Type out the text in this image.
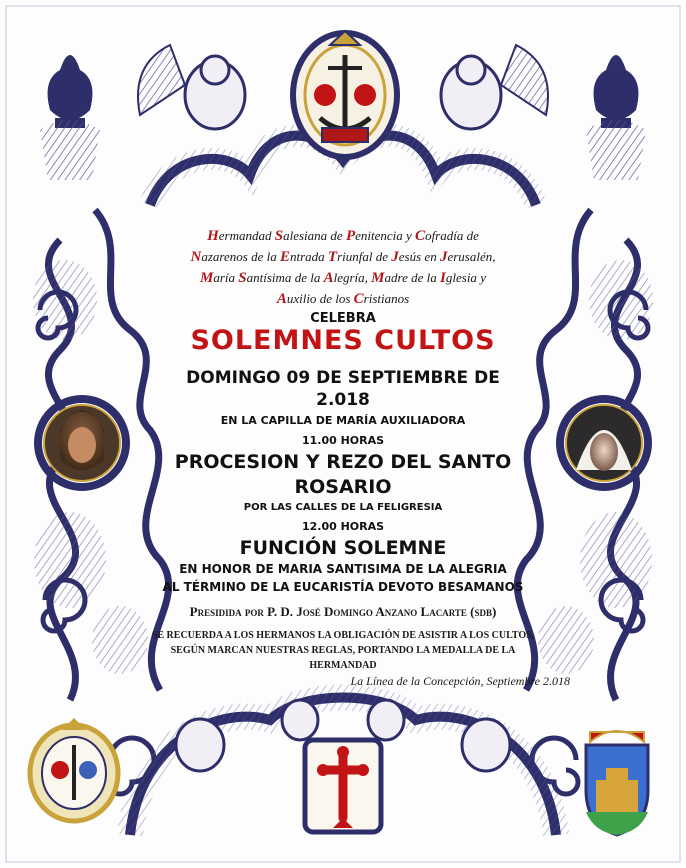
Hermandad Salesiana de Penitencia y Cofradía de

Nazarenos de la Entrada Triunfal de Jesús en Jerusalén,

María Santísima de la Alegría, Madre de la Iglesia y

Auxilio de los Cristianos

CELEBRA

SOLEMNES CULTOS

DOMINGO 09 DE SEPTIEMBRE DE

2.018

EN LA CAPILLA DE MARÍA AUXILIADORA

11.00 HORAS

PROCESION Y REZO DEL SANTO

ROSARIO

POR LAS CALLES DE LA FELIGRESIA

12.00 HORAS

FUNCIÓN SOLEMNE

EN HONOR DE MARIA SANTISIMA DE LA ALEGRIA

AL TÉRMINO DE LA EUCARISTÍA DEVOTO BESAMANOS

Presidida por P. D. José Domingo Anzano Lacarte (sdb)

SE RECUERDA A LOS HERMANOS LA OBLIGACIÓN DE ASISTIR A LOS CULTOS,

SEGÚN MARCAN NUESTRAS REGLAS, PORTANDO LA MEDALLA DE LA

HERMANDAD

La Línea de la Concepción, Septiembre 2.018
